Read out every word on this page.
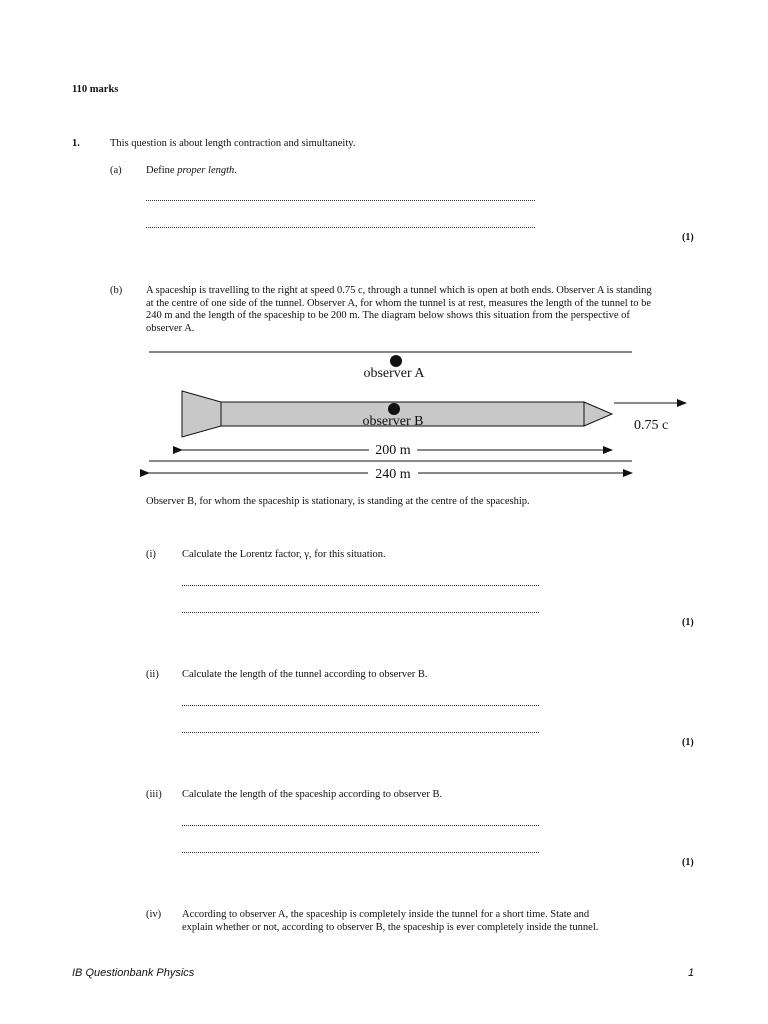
110 marks
1.	This question is about length contraction and simultaneity.
(a) Define proper length.
(1)
(b) A spaceship is travelling to the right at speed 0.75 c, through a tunnel which is open at both ends. Observer A is standing at the centre of one side of the tunnel. Observer A, for whom the tunnel is at rest, measures the length of the tunnel to be 240 m and the length of the spaceship to be 200 m. The diagram below shows this situation from the perspective of observer A.
observer A
observer B	0.75 c
200 m
240 m
Observer B, for whom the spaceship is stationary, is standing at the centre of the spaceship.
(i) Calculate the Lorentz factor, γ, for this situation.
(1)
(ii) Calculate the length of the tunnel according to observer B.
(1)
(iii) Calculate the length of the spaceship according to observer B.
(1)
(iv) According to observer A, the spaceship is completely inside the tunnel for a short time. State and
explain whether or not, according to observer B, the spaceship is ever completely inside the tunnel.
IB Questionbank Physics	1
